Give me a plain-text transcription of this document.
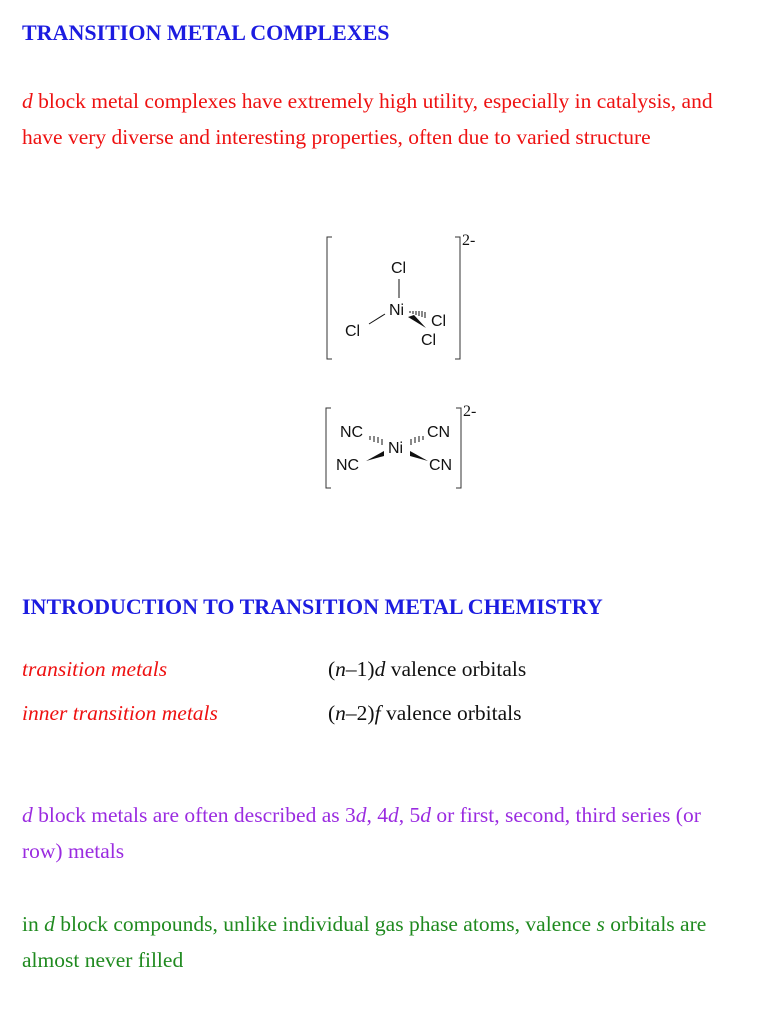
TRANSITION METAL COMPLEXES

d block metal complexes have extremely high utility, especially in catalysis, and have very diverse and interesting properties, often due to varied structure

Cl
Ni
Cl
Cl
Cl
2-
NC
NC
Ni
CN
CN
2-
INTRODUCTION TO TRANSITION METAL CHEMISTRY
transition metals	(n–1)d valence orbitals
inner transition metals	(n–2)f valence orbitals

d block metals are often described as 3d, 4d, 5d or first, second, third series (or row) metals

in d block compounds, unlike individual gas phase atoms, valence s orbitals are almost never filled
